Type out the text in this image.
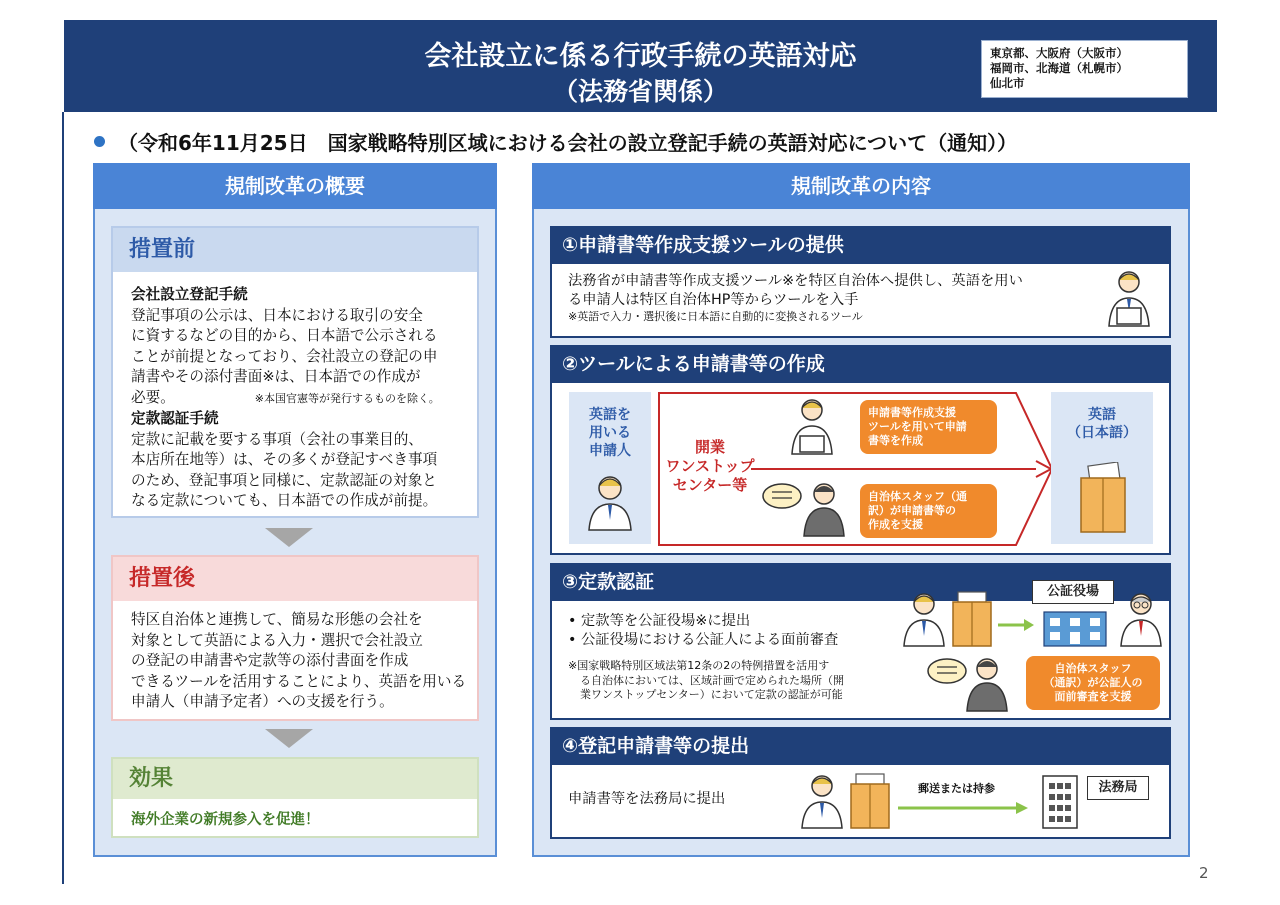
会社設立に係る行政手続の英語対応
（法務省関係）
東京都、大阪府（大阪市）
福岡市、北海道（札幌市）
仙北市
（令和6年11月25日　国家戦略特別区域における会社の設立登記手続の英語対応について（通知））
規制改革の概要
措置前
会社設立登記手続
登記事項の公示は、日本における取引の安全
に資するなどの目的から、日本語で公示される
ことが前提となっており、会社設立の登記の申
請書やその添付書面※は、日本語での作成が
必要。	※本国官憲等が発行するものを除く。
定款認証手続
定款に記載を要する事項（会社の事業目的、
本店所在地等）は、その多くが登記すべき事項
のため、登記事項と同様に、定款認証の対象と
なる定款についても、日本語での作成が前提。
措置後
特区自治体と連携して、簡易な形態の会社を
対象として英語による入力・選択で会社設立
の登記の申請書や定款等の添付書面を作成
できるツールを活用することにより、英語を用いる
申請人（申請予定者）への支援を行う。
効果
海外企業の新規参入を促進！
規制改革の内容
①申請書等作成支援ツールの提供
法務省が申請書等作成支援ツール※を特区自治体へ提供し、英語を用い
る申請人は特区自治体HP等からツールを入手
※英語で入力・選択後に日本語に自動的に変換されるツール
②ツールによる申請書等の作成
英語を
用いる
申請人	開業
ワンストップ
センター等
申請書等作成支援
ツールを用いて申請
書等を作成
自治体スタッフ（通
訳）が申請書等の
作成を支援
英語
（日本語）
③定款認証
• 定款等を公証役場※に提出
• 公証役場における公証人による面前審査
※国家戦略特別区域法第12条の2の特例措置を活用す
る自治体においては、区域計画で定められた場所（開
業ワンストップセンター）において定款の認証が可能
公証役場
自治体スタッフ
（通訳）が公証人の
面前審査を支援
④登記申請書等の提出
申請書等を法務局に提出
郵送または持参	法務局
2
